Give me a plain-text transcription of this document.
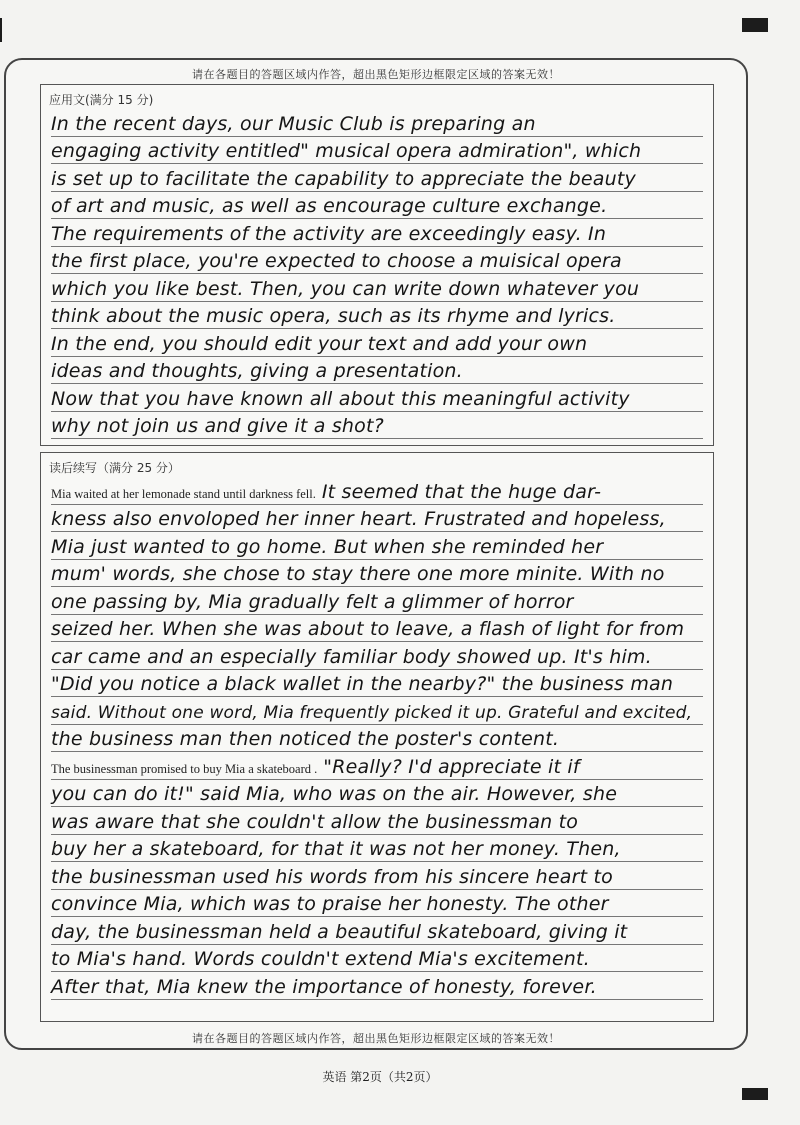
请在各题目的答题区域内作答，超出黑色矩形边框限定区域的答案无效！
应用文(满分 15 分)
In the recent days, our Music Club is preparing an
engaging activity entitled" musical opera admiration", which
is set up to facilitate the capability to appreciate the beauty
of art and music, as well as encourage culture exchange.
The requirements of the activity are exceedingly easy. In
the first place, you're expected to choose a muisical opera
which you like best. Then, you can write down whatever you
think about the music opera, such as its rhyme and lyrics.
In the end, you should edit your text and add your own
ideas and thoughts, giving a presentation.
Now that you have known all about this meaningful activity
why not join us and give it a shot?
读后续写（满分 25 分）
Mia waited at her lemonade stand until darkness fell. It seemed that the huge dar-
kness also envoloped her inner heart. Frustrated and hopeless,
Mia just wanted to go home. But when she reminded her
mum' words, she chose to stay there one more minite. With no
one passing by, Mia gradually felt a glimmer of horror
seized her. When she was about to leave, a flash of light for from
car came and an especially familiar body showed up. It's him.
"Did you notice a black wallet in the nearby?" the business man
said. Without one word, Mia frequently picked it up. Grateful and excited,
the business man then noticed the poster's content.
The businessman promised to buy Mia a skateboard . "Really? I'd appreciate it if
you can do it!" said Mia, who was on the air. However, she
was aware that she couldn't allow the businessman to
buy her a skateboard, for that it was not her money. Then,
the businessman used his words from his sincere heart to
convince Mia, which was to praise her honesty. The other
day, the businessman held a beautiful skateboard, giving it
to Mia's hand. Words couldn't extend Mia's excitement.
After that, Mia knew the importance of honesty, forever.
请在各题目的答题区域内作答，超出黑色矩形边框限定区域的答案无效！
英语 第2页（共2页）
